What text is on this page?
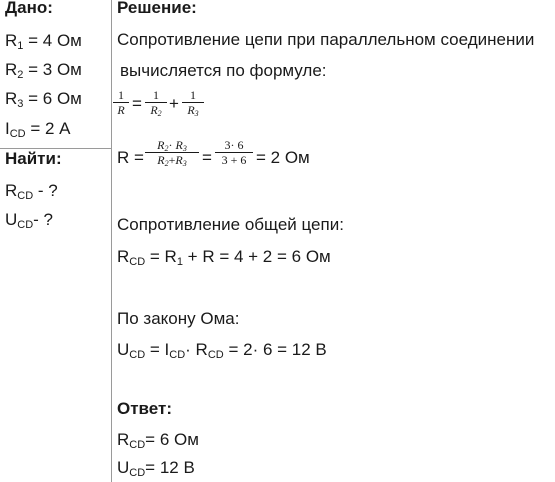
Дано:
$R_1 = 4$ Ом
$R_2 = 3$ Ом
$R_3 = 6$ Ом
$I_{CD} = 2$ А
Найти:
$R_{CD}$ - ?
$U_{CD}-$ ?
Решение:
Сопротивление цепи при параллельном соединении
вычисляется по формуле:
$\frac{1}{R} = \frac{1}{R_2} + \frac{1}{R_3}$
$R = \frac{R_2\cdot R_3}{R_2+R_3} = \frac{3\cdot 6}{3 + 6} = 2$ Ом
Сопротивление общей цепи:
$R_{CD} = R_1 + R = 4 + 2 = 6$ Ом
По закону Ома:
$U_{CD} = I_{CD}\cdot R_{CD} = 2\cdot 6 = 12$ В
Ответ:
$R_{CD}= 6$ Ом
$U_{CD}= 12$ В
